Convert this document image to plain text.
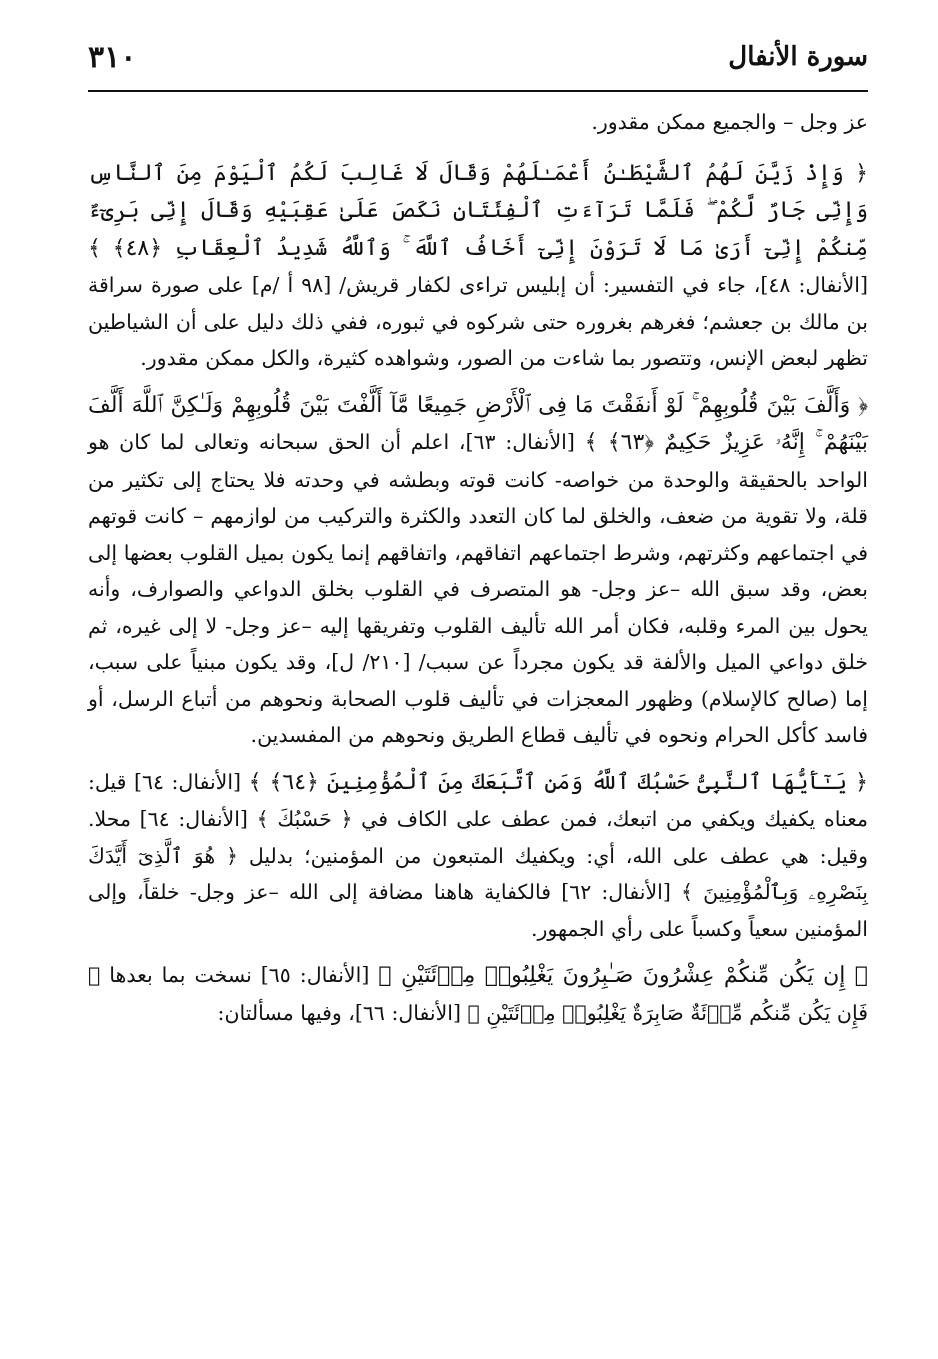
٣١٠	سورة الأنفال

عز وجل – والجميع ممكن مقدور.

﴿ وَإِذْ زَيَّنَ لَهُمُ ٱلشَّيْطَـٰنُ أَعْمَـٰلَهُمْ وَقَالَ لَا غَالِبَ لَكُمُ ٱلْيَوْمَ مِنَ ٱلنَّاسِ وَإِنِّى جَارٌ لَّكُمْ ۖ فَلَمَّا تَرَآءَتِ ٱلْفِئَتَانِ نَكَصَ عَلَىٰ عَقِبَيْهِ وَقَالَ إِنِّى بَرِىٓءٌ مِّنكُمْ إِنِّىٓ أَرَىٰ مَا لَا تَرَوْنَ إِنِّىٓ أَخَافُ ٱللَّهَ ۚ وَٱللَّهُ شَدِيدُ ٱلْعِقَابِ ﴿٤٨﴾ ﴾ [الأنفال: ٤٨]، جاء في التفسير: أن إبليس تراءى لكفار قريش/ [٩٨ أ /م] على صورة سراقة بن مالك بن جعشم؛ فغرهم بغروره حتى شركوه في ثبوره، ففي ذلك دليل على أن الشياطين تظهر لبعض الإنس، وتتصور بما شاءت من الصور، وشواهده كثيرة، والكل ممكن مقدور.

﴿ وَأَلَّفَ بَيْنَ قُلُوبِهِمْ ۚ لَوْ أَنفَقْتَ مَا فِى ٱلْأَرْضِ جَمِيعًا مَّآ أَلَّفْتَ بَيْنَ قُلُوبِهِمْ وَلَـٰكِنَّ ٱللَّهَ أَلَّفَ بَيْنَهُمْ ۚ إِنَّهُۥ عَزِيزٌ حَكِيمٌ ﴿٦٣﴾ ﴾ [الأنفال: ٦٣]، اعلم أن الحق سبحانه وتعالى لما كان هو الواحد بالحقيقة والوحدة من خواصه- كانت قوته وبطشه في وحدته فلا يحتاج إلى تكثير من قلة، ولا تقوية من ضعف، والخلق لما كان التعدد والكثرة والتركيب من لوازمهم – كانت قوتهم في اجتماعهم وكثرتهم، وشرط اجتماعهم اتفاقهم، واتفاقهم إنما يكون بميل القلوب بعضها إلى بعض، وقد سبق الله –عز وجل- هو المتصرف في القلوب بخلق الدواعي والصوارف، وأنه يحول بين المرء وقلبه، فكان أمر الله تأليف القلوب وتفريقها إليه –عز وجل- لا إلى غيره، ثم خلق دواعي الميل والألفة قد يكون مجرداً عن سبب/ [٢١٠/ ل]، وقد يكون مبنياً على سبب، إما (صالح كالإسلام) وظهور المعجزات في تأليف قلوب الصحابة ونحوهم من أتباع الرسل، أو فاسد كأكل الحرام ونحوه في تأليف قطاع الطريق ونحوهم من المفسدين.

﴿ يَـٰٓأَيُّهَا ٱلنَّبِىُّ حَسْبُكَ ٱللَّهُ وَمَنِ ٱتَّبَعَكَ مِنَ ٱلْمُؤْمِنِينَ ﴿٦٤﴾ ﴾ [الأنفال: ٦٤] قيل: معناه يكفيك ويكفي من اتبعك، فمن عطف على الكاف في ﴿ حَسْبُكَ ﴾ [الأنفال: ٦٤] محلا. وقيل: هي عطف على الله، أي: ويكفيك المتبعون من المؤمنين؛ بدليل ﴿ هُوَ ٱلَّذِىٓ أَيَّدَكَ بِنَصْرِهِۦ وَبِٱلْمُؤْمِنِينَ ﴾ [الأنفال: ٦٢] فالكفاية هاهنا مضافة إلى الله –عز وجل- خلقاً، وإلى المؤمنين سعياً وكسباً على رأي الجمهور.

﴿ إِن يَكُن مِّنكُمْ عِشْرُونَ صَـٰبِرُونَ يَغْلِبُوا۟ مِا۟ئَتَيْنِ ﴾ [الأنفال: ٦٥] نسخت بما بعدها ﴿ فَإِن يَكُن مِّنكُم مِّا۟ئَةٌ صَابِرَةٌ يَغْلِبُوا۟ مِا۟ئَتَيْنِ ﴾ [الأنفال: ٦٦]، وفيها مسألتان:
